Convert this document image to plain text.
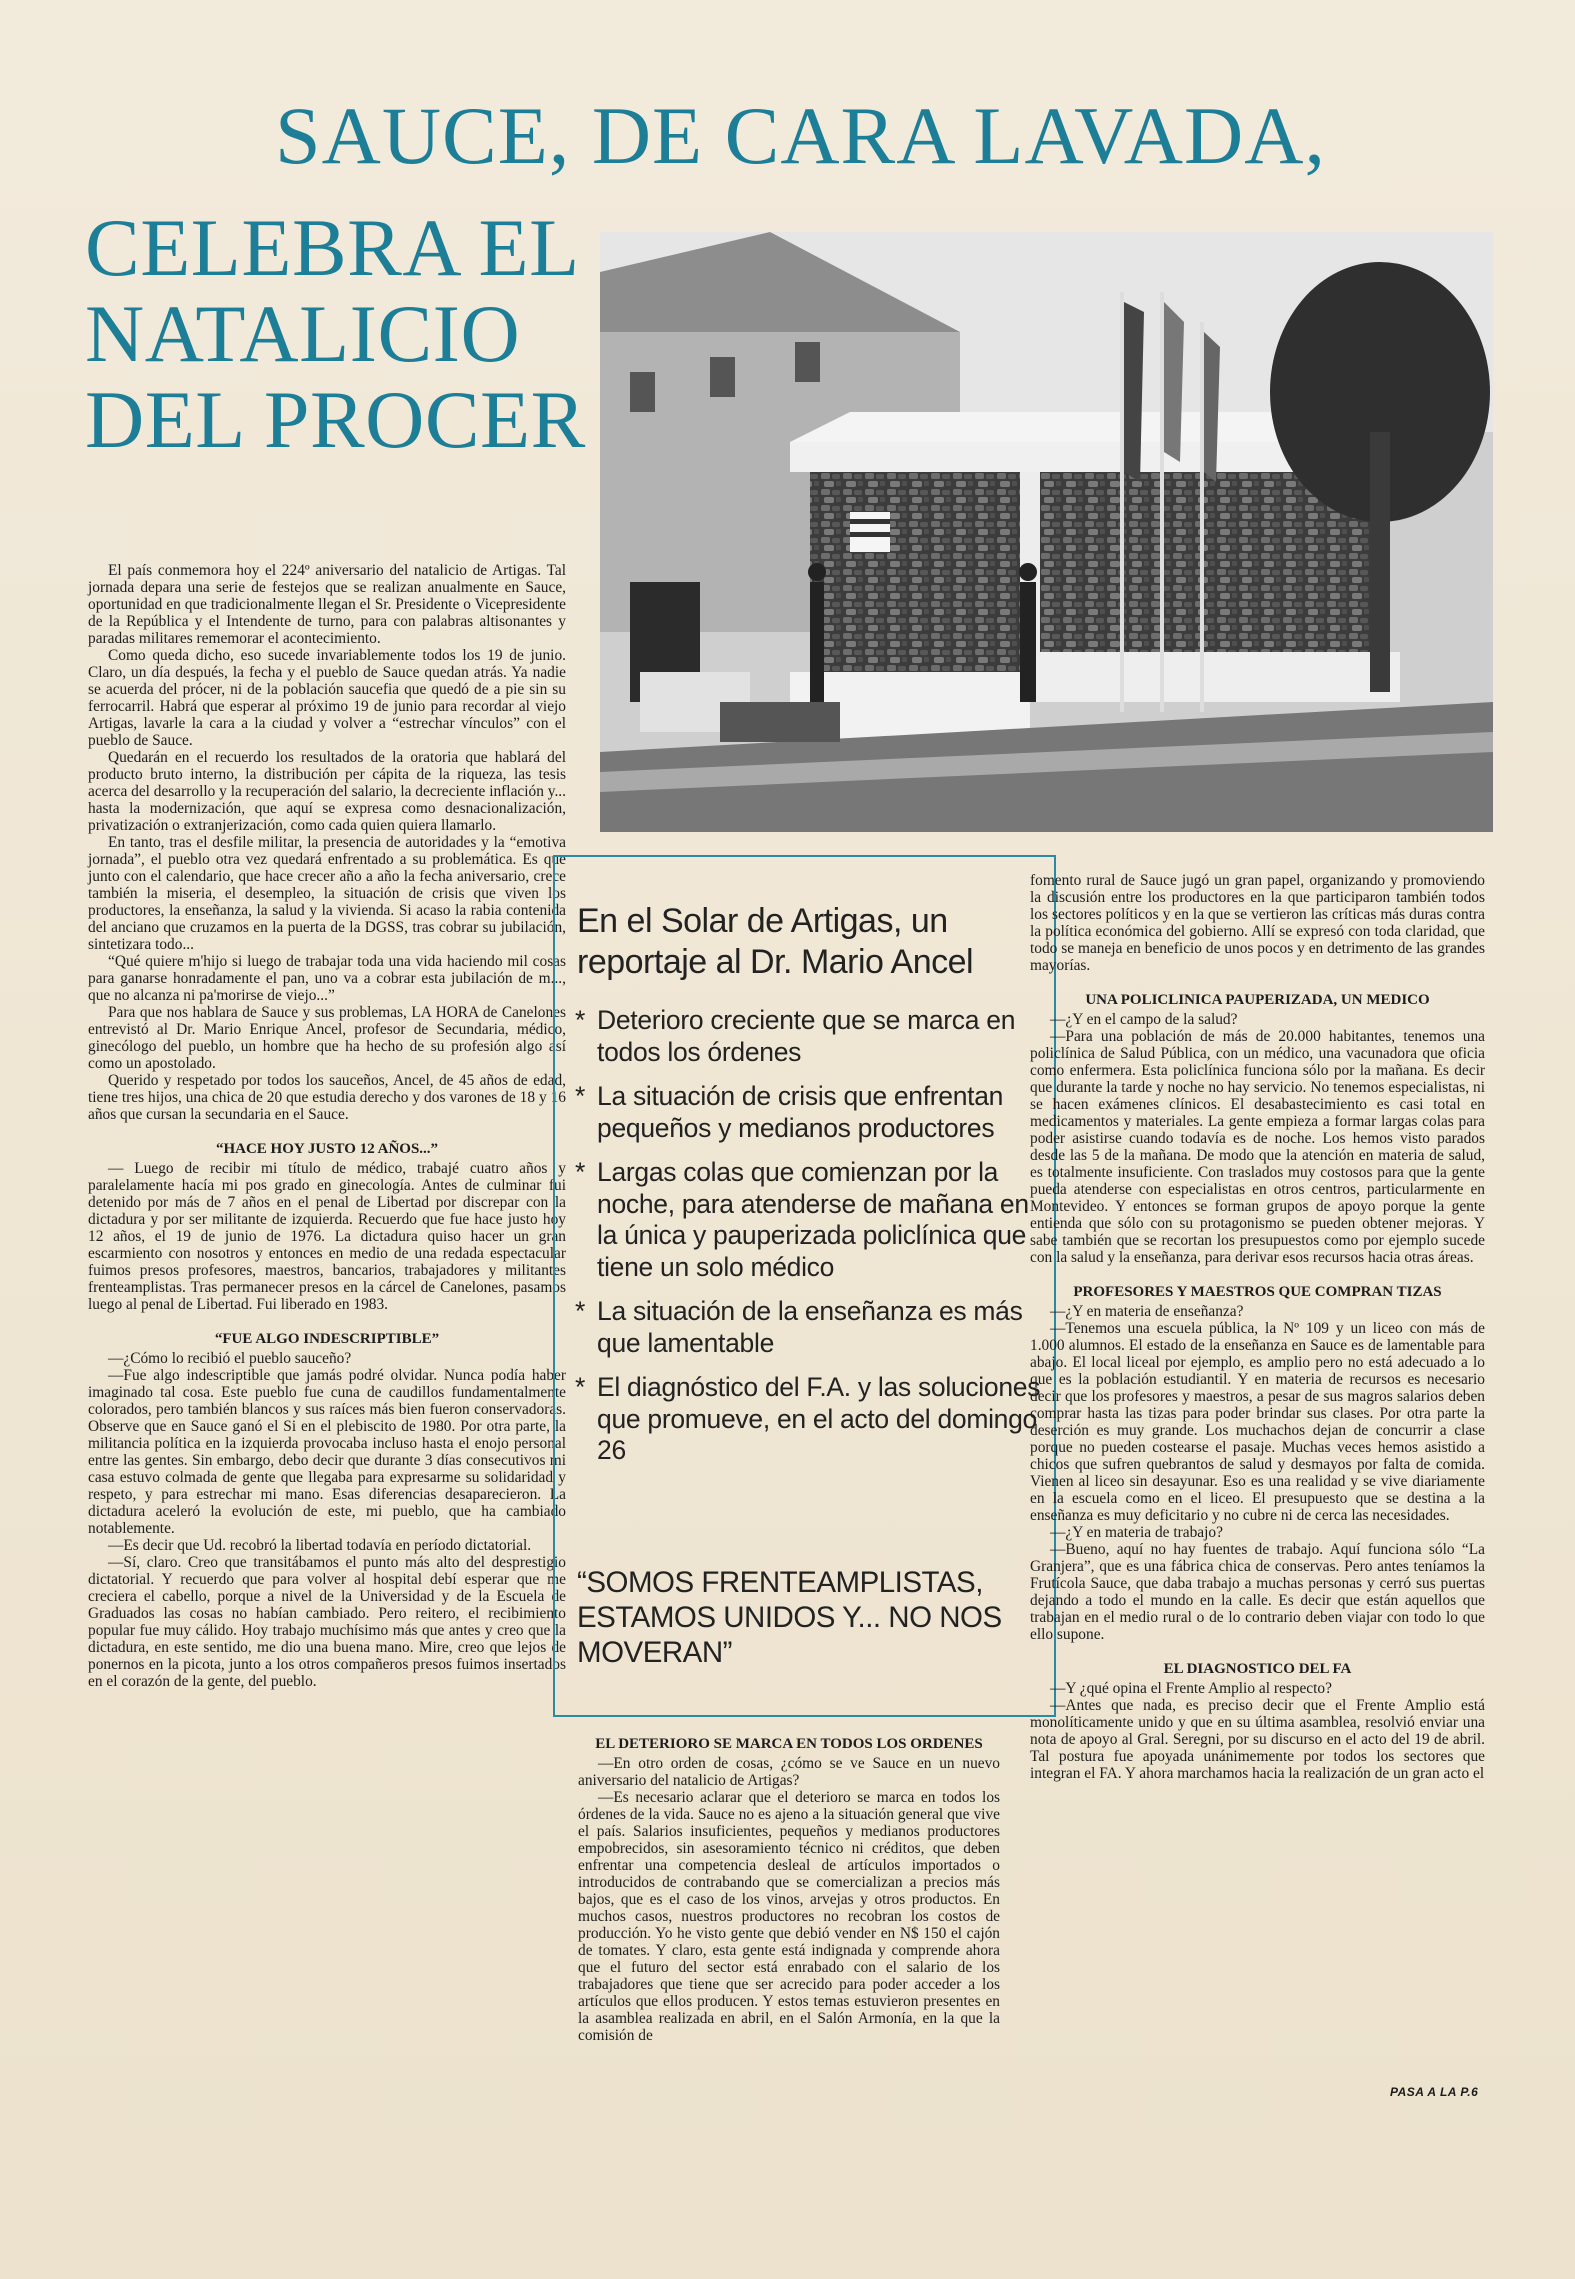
SAUCE, DE CARA LAVADA,
CELEBRA EL
NATALICIO
DEL PROCER

El país conmemora hoy el 224º aniversario del natalicio de Artigas. Tal jornada depara una serie de festejos que se realizan anualmente en Sauce, oportunidad en que tradicionalmente llegan el Sr. Presidente o Vicepresidente de la República y el Intendente de turno, para con palabras altisonantes y paradas militares rememorar el acontecimiento.

Como queda dicho, eso sucede invariablemente todos los 19 de junio. Claro, un día después, la fecha y el pueblo de Sauce quedan atrás. Ya nadie se acuerda del prócer, ni de la población saucefia que quedó de a pie sin su ferrocarril. Habrá que esperar al próximo 19 de junio para recordar al viejo Artigas, lavarle la cara a la ciudad y volver a “estrechar vínculos” con el pueblo de Sauce.

Quedarán en el recuerdo los resultados de la oratoria que hablará del producto bruto interno, la distribución per cápita de la riqueza, las tesis acerca del desarrollo y la recuperación del salario, la decreciente inflación y... hasta la modernización, que aquí se expresa como desnacionalización, privatización o extranjerización, como cada quien quiera llamarlo.

En tanto, tras el desfile militar, la presencia de autoridades y la “emotiva jornada”, el pueblo otra vez quedará enfrentado a su problemática. Es que junto con el calendario, que hace crecer año a año la fecha aniversario, crece también la miseria, el desempleo, la situación de crisis que viven los productores, la enseñanza, la salud y la vivienda. Si acaso la rabia contenida del anciano que cruzamos en la puerta de la DGSS, tras cobrar su jubilación, sintetizara todo...

“Qué quiere m'hijo si luego de trabajar toda una vida haciendo mil cosas para ganarse honradamente el pan, uno va a cobrar esta jubilación de m..., que no alcanza ni pa'morirse de viejo...”

Para que nos hablara de Sauce y sus problemas, LA HORA de Canelones entrevistó al Dr. Mario Enrique Ancel, profesor de Secundaria, médico, ginecólogo del pueblo, un hombre que ha hecho de su profesión algo así como un apostolado.

Querido y respetado por todos los sauceños, Ancel, de 45 años de edad, tiene tres hijos, una chica de 20 que estudia derecho y dos varones de 18 y 16 años que cursan la secundaria en el Sauce.

“HACE HOY JUSTO 12 AÑOS...”

— Luego de recibir mi título de médico, trabajé cuatro años y paralelamente hacía mi pos grado en ginecología. Antes de culminar fui detenido por más de 7 años en el penal de Libertad por discrepar con la dictadura y por ser militante de izquierda. Recuerdo que fue hace justo hoy 12 años, el 19 de junio de 1976. La dictadura quiso hacer un gran escarmiento con nosotros y entonces en medio de una redada espectacular fuimos presos profesores, maestros, bancarios, trabajadores y militantes frenteamplistas. Tras permanecer presos en la cárcel de Canelones, pasamos luego al penal de Libertad. Fui liberado en 1983.

“FUE ALGO INDESCRIPTIBLE”

—¿Cómo lo recibió el pueblo sauceño?

—Fue algo indescriptible que jamás podré olvidar. Nunca podía haber imaginado tal cosa. Este pueblo fue cuna de caudillos fundamentalmente colorados, pero también blancos y sus raíces más bien fueron conservadoras. Observe que en Sauce ganó el Si en el plebiscito de 1980. Por otra parte, la militancia política en la izquierda provocaba incluso hasta el enojo personal entre las gentes. Sin embargo, debo decir que durante 3 días consecutivos mi casa estuvo colmada de gente que llegaba para expresarme su solidaridad y respeto, y para estrechar mi mano. Esas diferencias desaparecieron. La dictadura aceleró la evolución de este, mi pueblo, que ha cambiado notablemente.

—Es decir que Ud. recobró la libertad todavía en período dictatorial.

—Sí, claro. Creo que transitábamos el punto más alto del desprestigio dictatorial. Y recuerdo que para volver al hospital debí esperar que me creciera el cabello, porque a nivel de la Universidad y de la Escuela de Graduados las cosas no habían cambiado. Pero reitero, el recibimiento popular fue muy cálido. Hoy trabajo muchísimo más que antes y creo que la dictadura, en este sentido, me dio una buena mano. Mire, creo que lejos de ponernos en la picota, junto a los otros compañeros presos fuimos insertados en el corazón de la gente, del pueblo.

En el Solar de Artigas, un reportaje al Dr. Mario Ancel
* Deterioro creciente que se marca en todos los órdenes
* La situación de crisis que enfrentan pequeños y medianos productores
* Largas colas que comienzan por la noche, para atenderse de mañana en la única y pauperizada policlínica que tiene un solo médico
* La situación de la enseñanza es más que lamentable
* El diagnóstico del F.A. y las soluciones que promueve, en el acto del domingo 26
“SOMOS FRENTEAMPLISTAS, ESTAMOS UNIDOS Y... NO NOS MOVERAN”

EL DETERIORO SE MARCA EN TODOS LOS ORDENES

—En otro orden de cosas, ¿cómo se ve Sauce en un nuevo aniversario del natalicio de Artigas?

—Es necesario aclarar que el deterioro se marca en todos los órdenes de la vida. Sauce no es ajeno a la situación general que vive el país. Salarios insuficientes, pequeños y medianos productores empobrecidos, sin asesoramiento técnico ni créditos, que deben enfrentar una competencia desleal de artículos importados o introducidos de contrabando que se comercializan a precios más bajos, que es el caso de los vinos, arvejas y otros productos. En muchos casos, nuestros productores no recobran los costos de producción. Yo he visto gente que debió vender en N$ 150 el cajón de tomates. Y claro, esta gente está indignada y comprende ahora que el futuro del sector está enrabado con el salario de los trabajadores que tiene que ser acrecido para poder acceder a los artículos que ellos producen. Y estos temas estuvieron presentes en la asamblea realizada en abril, en el Salón Armonía, en la que la comisión de

fomento rural de Sauce jugó un gran papel, organizando y promoviendo la discusión entre los productores en la que participaron también todos los sectores políticos y en la que se vertieron las críticas más duras contra la política económica del gobierno. Allí se expresó con toda claridad, que todo se maneja en beneficio de unos pocos y en detrimento de las grandes mayorías.

UNA POLICLINICA PAUPERIZADA, UN MEDICO

—¿Y en el campo de la salud?

—Para una población de más de 20.000 habitantes, tenemos una policlínica de Salud Pública, con un médico, una vacunadora que oficia como enfermera. Esta policlínica funciona sólo por la mañana. Es decir que durante la tarde y noche no hay servicio. No tenemos especialistas, ni se hacen exámenes clínicos. El desabastecimiento es casi total en medicamentos y materiales. La gente empieza a formar largas colas para poder asistirse cuando todavía es de noche. Los hemos visto parados desde las 5 de la mañana. De modo que la atención en materia de salud, es totalmente insuficiente. Con traslados muy costosos para que la gente pueda atenderse con especialistas en otros centros, particularmente en Montevideo. Y entonces se forman grupos de apoyo porque la gente entienda que sólo con su protagonismo se pueden obtener mejoras. Y sabe también que se recortan los presupuestos como por ejemplo sucede con la salud y la enseñanza, para derivar esos recursos hacia otras áreas.

PROFESORES Y MAESTROS QUE COMPRAN TIZAS

—¿Y en materia de enseñanza?

—Tenemos una escuela pública, la Nº 109 y un liceo con más de 1.000 alumnos. El estado de la enseñanza en Sauce es de lamentable para abajo. El local liceal por ejemplo, es amplio pero no está adecuado a lo que es la población estudiantil. Y en materia de recursos es necesario decir que los profesores y maestros, a pesar de sus magros salarios deben comprar hasta las tizas para poder brindar sus clases. Por otra parte la deserción es muy grande. Los muchachos dejan de concurrir a clase porque no pueden costearse el pasaje. Muchas veces hemos asistido a chicos que sufren quebrantos de salud y desmayos por falta de comida. Vienen al liceo sin desayunar. Eso es una realidad y se vive diariamente en la escuela como en el liceo. El presupuesto que se destina a la enseñanza es muy deficitario y no cubre ni de cerca las necesidades.

—¿Y en materia de trabajo?

—Bueno, aquí no hay fuentes de trabajo. Aquí funciona sólo “La Granjera”, que es una fábrica chica de conservas. Pero antes teníamos la Frutícola Sauce, que daba trabajo a muchas personas y cerró sus puertas dejando a todo el mundo en la calle. Es decir que están aquellos que trabajan en el medio rural o de lo contrario deben viajar con todo lo que ello supone.

EL DIAGNOSTICO DEL FA

—Y ¿qué opina el Frente Amplio al respecto?

—Antes que nada, es preciso decir que el Frente Amplio está monolíticamente unido y que en su última asamblea, resolvió enviar una nota de apoyo al Gral. Seregni, por su discurso en el acto del 19 de abril. Tal postura fue apoyada unánimemente por todos los sectores que integran el FA. Y ahora marchamos hacia la realización de un gran acto el

PASA A LA P.6
